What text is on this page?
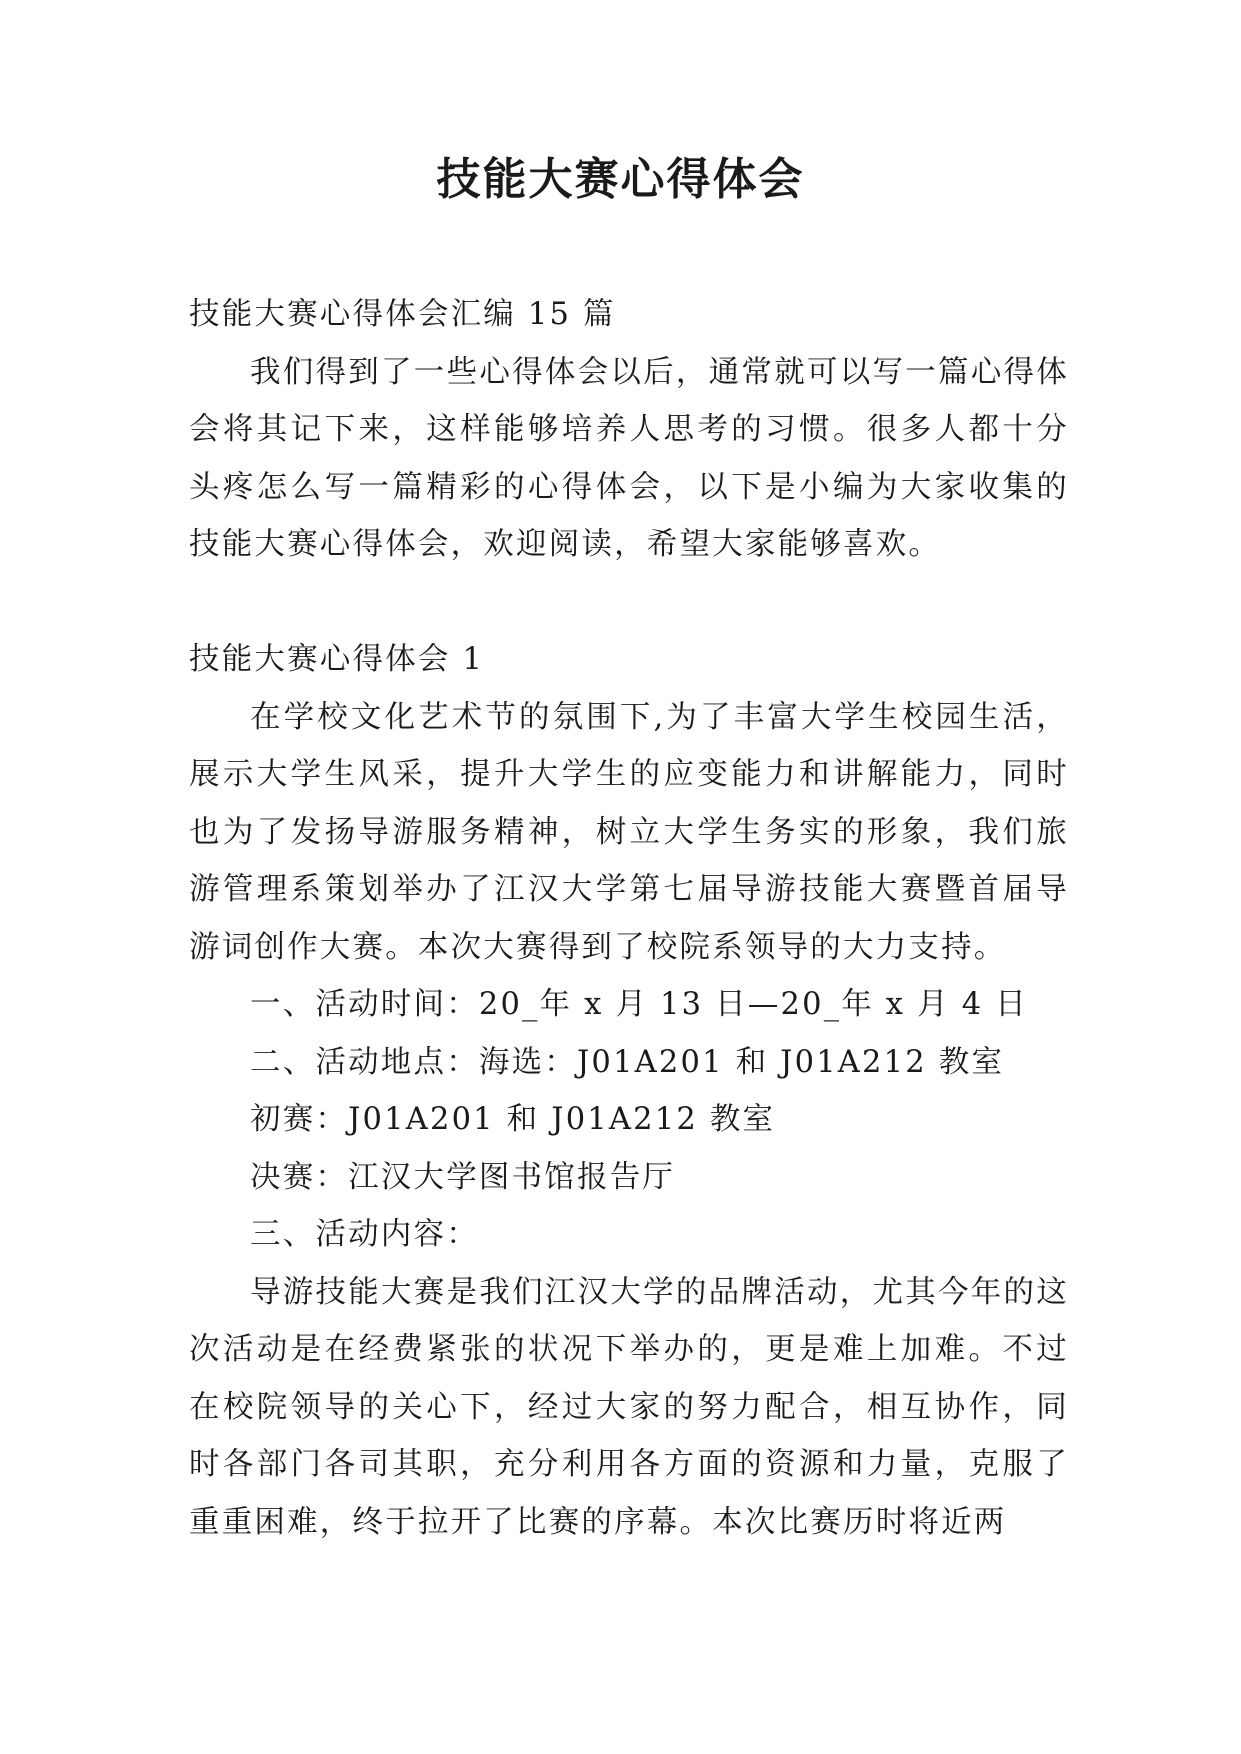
技能大赛心得体会

技能大赛心得体会汇编 15 篇

我们得到了一些心得体会以后，通常就可以写一篇心得体会将其记下来，这样能够培养人思考的习惯。很多人都十分头疼怎么写一篇精彩的心得体会，以下是小编为大家收集的技能大赛心得体会，欢迎阅读，希望大家能够喜欢。

技能大赛心得体会 1

在学校文化艺术节的氛围下,为了丰富大学生校园生活，展示大学生风采，提升大学生的应变能力和讲解能力，同时也为了发扬导游服务精神，树立大学生务实的形象，我们旅游管理系策划举办了江汉大学第七届导游技能大赛暨首届导游词创作大赛。本次大赛得到了校院系领导的大力支持。

一、活动时间：20_年 x 月 13 日—20_年 x 月 4 日

二、活动地点：海选：J01A201 和 J01A212 教室

初赛：J01A201 和 J01A212 教室

决赛：江汉大学图书馆报告厅

三、活动内容：

导游技能大赛是我们江汉大学的品牌活动，尤其今年的这次活动是在经费紧张的状况下举办的，更是难上加难。不过在校院领导的关心下，经过大家的努力配合，相互协作，同时各部门各司其职，充分利用各方面的资源和力量，克服了重重困难，终于拉开了比赛的序幕。本次比赛历时将近两
